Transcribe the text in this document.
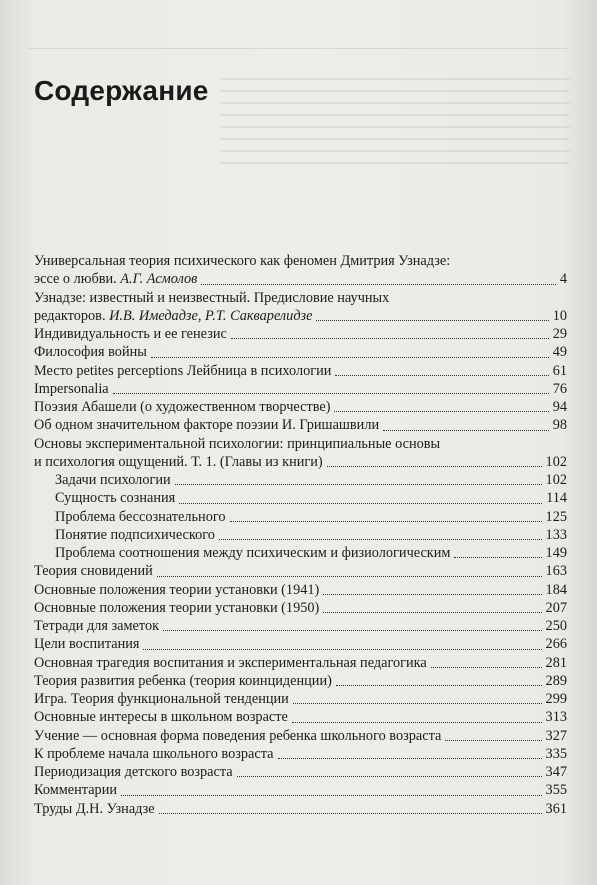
Содержание
Универсальная теория психического как феномен Дмитрия Узнадзе:
эссе о любви. А.Г. Асмолов	4
Узнадзе: известный и неизвестный. Предисловие научных
редакторов. И.В. Имедадзе, Р.Т. Сакварелидзе	10
Индивидуальность и ее генезис	29
Философия войны	49
Место petites perceptions Лейбница в психологии	61
Impersonalia	76
Поэзия Абашели (о художественном творчестве)	94
Об одном значительном факторе поэзии И. Гришашвили	98
Основы экспериментальной психологии: принципиальные основы
и психология ощущений. Т. 1. (Главы из книги)	102
Задачи психологии	102
Сущность сознания	114
Проблема бессознательного	125
Понятие подпсихического	133
Проблема соотношения между психическим и физиологическим	149
Теория сновидений	163
Основные положения теории установки (1941)	184
Основные положения теории установки (1950)	207
Тетради для заметок	250
Цели воспитания	266
Основная трагедия воспитания и экспериментальная педагогика	281
Теория развития ребенка (теория коинциденции)	289
Игра. Теория функциональной тенденции	299
Основные интересы в школьном возрасте	313
Учение — основная форма поведения ребенка школьного возраста	327
К проблеме начала школьного возраста	335
Периодизация детского возраста	347
Комментарии	355
Труды Д.Н. Узнадзе	361
